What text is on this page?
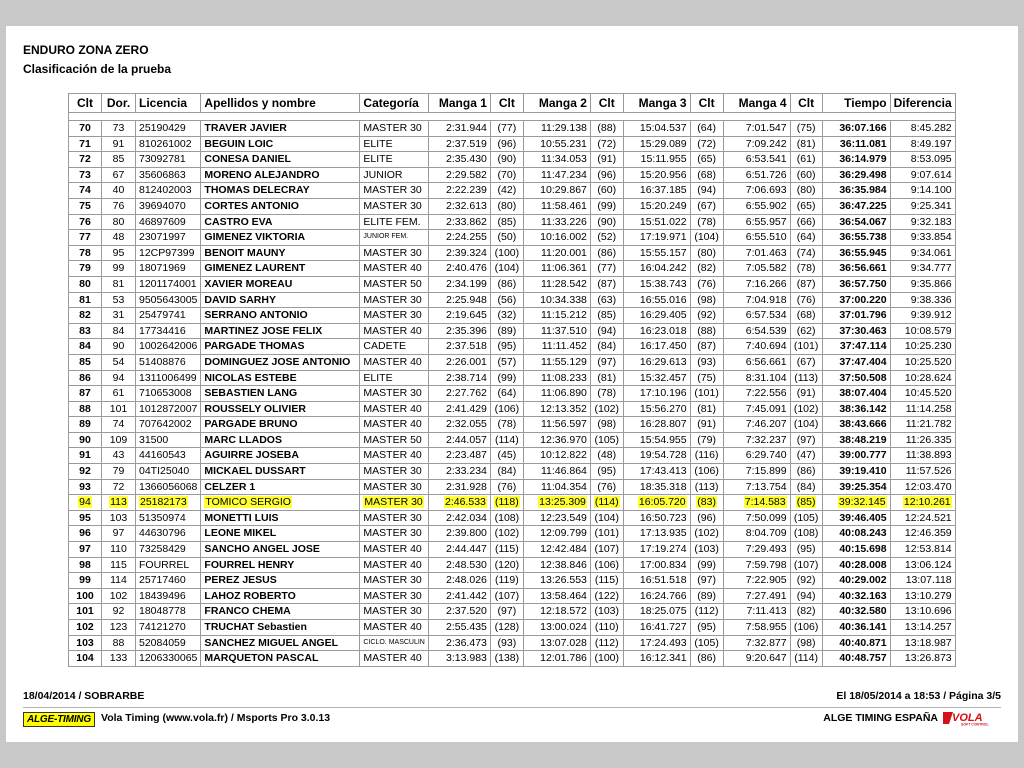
ENDURO ZONA ZERO
Clasificación de la prueba
Clt	Dor.	Licencia	Apellidos y nombre	Categoría	Manga 1	Clt	Manga 2	Clt	Manga 3	Clt	Manga 4	Clt	Tiempo	Diferencia

70	73	25190429	TRAVER JAVIER	MASTER 30	2:31.944	(77)	11:29.138	(88)	15:04.537	(64)	7:01.547	(75)	36:07.166	8:45.282
71	91	810261002	BEGUIN LOIC	ELITE	2:37.519	(96)	10:55.231	(72)	15:29.089	(72)	7:09.242	(81)	36:11.081	8:49.197
72	85	73092781	CONESA DANIEL	ELITE	2:35.430	(90)	11:34.053	(91)	15:11.955	(65)	6:53.541	(61)	36:14.979	8:53.095
73	67	35606863	MORENO ALEJANDRO	JUNIOR	2:29.582	(70)	11:47.234	(96)	15:20.956	(68)	6:51.726	(60)	36:29.498	9:07.614
74	40	812402003	THOMAS DELECRAY	MASTER 30	2:22.239	(42)	10:29.867	(60)	16:37.185	(94)	7:06.693	(80)	36:35.984	9:14.100
75	76	39694070	CORTES ANTONIO	MASTER 30	2:32.613	(80)	11:58.461	(99)	15:20.249	(67)	6:55.902	(65)	36:47.225	9:25.341
76	80	46897609	CASTRO EVA	ELITE FEM.	2:33.862	(85)	11:33.226	(90)	15:51.022	(78)	6:55.957	(66)	36:54.067	9:32.183
77	48	23071997	GIMENEZ VIKTORIA	JUNIOR FEM.	2:24.255	(50)	10:16.002	(52)	17:19.971	(104)	6:55.510	(64)	36:55.738	9:33.854
78	95	12CP97399	BENOIT MAUNY	MASTER 30	2:39.324	(100)	11:20.001	(86)	15:55.157	(80)	7:01.463	(74)	36:55.945	9:34.061
79	99	18071969	GIMENEZ LAURENT	MASTER 40	2:40.476	(104)	11:06.361	(77)	16:04.242	(82)	7:05.582	(78)	36:56.661	9:34.777
80	81	1201174001	XAVIER MOREAU	MASTER 50	2:34.199	(86)	11:28.542	(87)	15:38.743	(76)	7:16.266	(87)	36:57.750	9:35.866
81	53	9505643005	DAVID SARHY	MASTER 30	2:25.948	(56)	10:34.338	(63)	16:55.016	(98)	7:04.918	(76)	37:00.220	9:38.336
82	31	25479741	SERRANO ANTONIO	MASTER 30	2:19.645	(32)	11:15.212	(85)	16:29.405	(92)	6:57.534	(68)	37:01.796	9:39.912
83	84	17734416	MARTINEZ JOSE FELIX	MASTER 40	2:35.396	(89)	11:37.510	(94)	16:23.018	(88)	6:54.539	(62)	37:30.463	10:08.579
84	90	1002642006	PARGADE THOMAS	CADETE	2:37.518	(95)	11:11.452	(84)	16:17.450	(87)	7:40.694	(101)	37:47.114	10:25.230
85	54	51408876	DOMINGUEZ JOSE ANTONIO	MASTER 40	2:26.001	(57)	11:55.129	(97)	16:29.613	(93)	6:56.661	(67)	37:47.404	10:25.520
86	94	1311006499	NICOLAS ESTEBE	ELITE	2:38.714	(99)	11:08.233	(81)	15:32.457	(75)	8:31.104	(113)	37:50.508	10:28.624
87	61	710653008	SEBASTIEN LANG	MASTER 30	2:27.762	(64)	11:06.890	(78)	17:10.196	(101)	7:22.556	(91)	38:07.404	10:45.520
88	101	1012872007	ROUSSELY OLIVIER	MASTER 40	2:41.429	(106)	12:13.352	(102)	15:56.270	(81)	7:45.091	(102)	38:36.142	11:14.258
89	74	707642002	PARGADE BRUNO	MASTER 40	2:32.055	(78)	11:56.597	(98)	16:28.807	(91)	7:46.207	(104)	38:43.666	11:21.782
90	109	31500	MARC LLADOS	MASTER 50	2:44.057	(114)	12:36.970	(105)	15:54.955	(79)	7:32.237	(97)	38:48.219	11:26.335
91	43	44160543	AGUIRRE JOSEBA	MASTER 40	2:23.487	(45)	10:12.822	(48)	19:54.728	(116)	6:29.740	(47)	39:00.777	11:38.893
92	79	04TI25040	MICKAEL DUSSART	MASTER 30	2:33.234	(84)	11:46.864	(95)	17:43.413	(106)	7:15.899	(86)	39:19.410	11:57.526
93	72	1366056068	CELZER 1	MASTER 30	2:31.928	(76)	11:04.354	(76)	18:35.318	(113)	7:13.754	(84)	39:25.354	12:03.470
94	113	25182173	TOMICO SERGIO	MASTER 30	2:46.533	(118)	13:25.309	(114)	16:05.720	(83)	7:14.583	(85)	39:32.145	12:10.261
95	103	51350974	MONETTI LUIS	MASTER 30	2:42.034	(108)	12:23.549	(104)	16:50.723	(96)	7:50.099	(105)	39:46.405	12:24.521
96	97	44630796	LEONE MIKEL	MASTER 30	2:39.800	(102)	12:09.799	(101)	17:13.935	(102)	8:04.709	(108)	40:08.243	12:46.359
97	110	73258429	SANCHO ANGEL JOSE	MASTER 40	2:44.447	(115)	12:42.484	(107)	17:19.274	(103)	7:29.493	(95)	40:15.698	12:53.814
98	115	FOURREL	FOURREL HENRY	MASTER 40	2:48.530	(120)	12:38.846	(106)	17:00.834	(99)	7:59.798	(107)	40:28.008	13:06.124
99	114	25717460	PEREZ JESUS	MASTER 30	2:48.026	(119)	13:26.553	(115)	16:51.518	(97)	7:22.905	(92)	40:29.002	13:07.118
100	102	18439496	LAHOZ ROBERTO	MASTER 30	2:41.442	(107)	13:58.464	(122)	16:24.766	(89)	7:27.491	(94)	40:32.163	13:10.279
101	92	18048778	FRANCO CHEMA	MASTER 30	2:37.520	(97)	12:18.572	(103)	18:25.075	(112)	7:11.413	(82)	40:32.580	13:10.696
102	123	74121270	TRUCHAT Sebastien	MASTER 40	2:55.435	(128)	13:00.024	(110)	16:41.727	(95)	7:58.955	(106)	40:36.141	13:14.257
103	88	52084059	SANCHEZ MIGUEL ANGEL	CICLO. MASCULIN	2:36.473	(93)	13:07.028	(112)	17:24.493	(105)	7:32.877	(98)	40:40.871	13:18.987
104	133	1206330065	MARQUETON PASCAL	MASTER 40	3:13.983	(138)	12:01.786	(100)	16:12.341	(86)	9:20.647	(114)	40:48.757	13:26.873
18/04/2014 / SOBRARBE	El 18/05/2014 a 18:53 / Página 3/5
ALGE-TIMING Vola Timing (www.vola.fr) / Msports Pro 3.0.13	ALGE TIMING ESPAÑA VOLA
SOFT CONTROL
